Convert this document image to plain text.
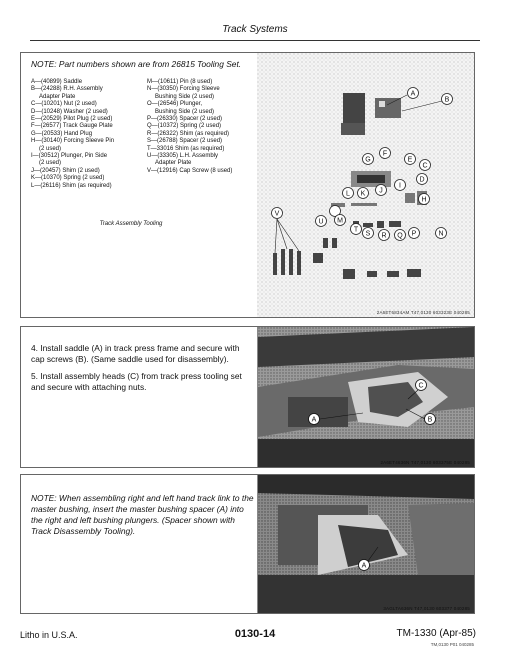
Track Systems
NOTE: Part numbers shown are from 26815 Tooling Set.
A—(40899) Saddle
B—(24288) R.H. Assembly
Adapter Plate
C—(10201) Nut (2 used)
D—(10248) Washer (2 used)
E—(20529) Pilot Plug (2 used)
F—(26577) Track Gauge Plate
G—(20533) Hand Plug
H—(30140) Forcing Sleeve Pin
(2 used)
I—(30512) Plunger, Pin Side
(2 used)
J—(20457) Shim (2 used)
K—(10370) Spring (2 used)
L—(26116) Shim (as required)
M—(10611) Pin (8 used)
N—(30350) Forcing Sleeve
Bushing Side (2 used)
O—(26546) Plunger,
Bushing Side (2 used)
P—(26330) Spacer (2 used)
Q—(10372) Spring (2 used)
R—(26322) Shim (as required)
S—(26788) Spacer (2 used)
T—33016 Shim (as required)
U—(33305) L.H. Assembly
Adapter Plate
V—(12916) Cap Screw (8 used)
Track Assembly Tooling
A
B
F
G	E
C
D
L K J
I
H
U M
T
S R Q P	N
V
2A6ET6834AM T47,0130 603323E 040285
4. Install saddle (A) in track press frame and secure with cap screws (B). (Same saddle used for disassembly).
5. Install assembly heads (C) from track press tooling set and secure with attaching nuts.	C
A	B
2A6ET4636N T47,0130 603375E 040285
NOTE: When assembling right and left hand track link to the master bushing, insert the master bushing spacer (A) into the right and left bushing plungers. (Spacer shown with Track Disassembly Tooling).
A
3AGLTA636N T47,0130 603377 040285
Litho in U.S.A.	0130-14	TM-1330 (Apr-85)
TM,0130 P01 040285
